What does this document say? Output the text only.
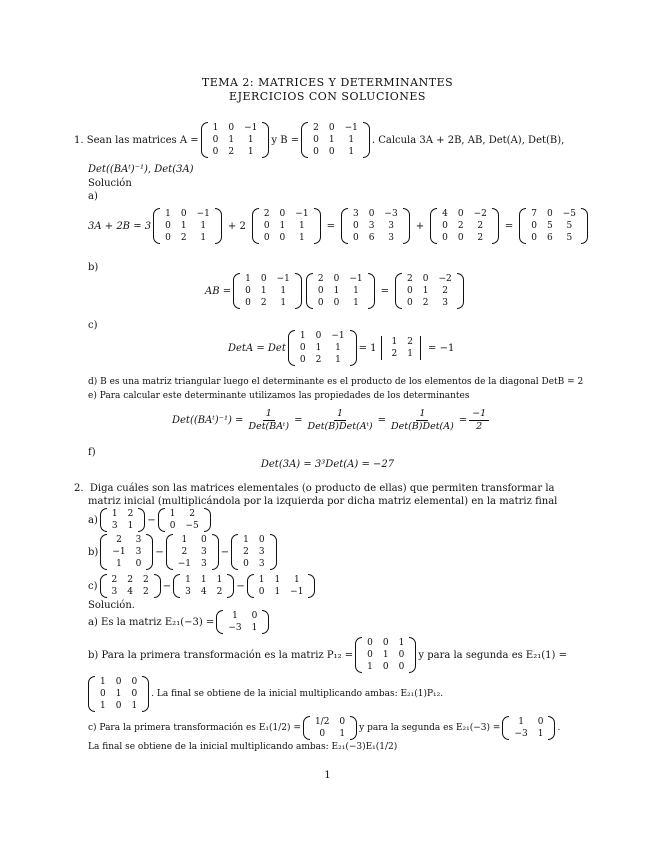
TEMA 2: MATRICES Y DETERMINANTES
EJERCICIOS CON SOLUCIONES
1.
Sean las matrices A =
1	0	−1
0	1	1
0	2	1
y B =
2	0	−1
0	1	1
0	0	1
. Calcula 3A + 2B, AB, Det(A), Det(B),
Det((BAᵗ)⁻¹), Det(3A)
Solución
a)
3A + 2B = 3
1	0	−1
0	1	1
0	2	1
+ 2
2	0	−1
0	1	1
0	0	1
=
3	0	−3
0	3	3
0	6	3
+
4	0	−2
0	2	2
0	0	2
=
7	0	−5
0	5	5
0	6	5
b)
AB =
1	0	−1
0	1	1
0	2	1
2	0	−1
0	1	1
0	0	1
=
2	0	−2
0	1	2
0	2	3
c)
DetA = Det
1	0	−1
0	1	1
0	2	1
= 1
1	2
2	1
= −1
d) B es una matriz triangular luego el determinante es el producto de los elementos de la diagonal DetB = 2
e) Para calcular este determinante utilizamos las propiedades de los determinantes
Det((BAᵗ)⁻¹) = $\frac{1}{\text{Det(BAᵗ)}} = \frac{1}{\text{Det(B)Det(Aᵗ)}} = \frac{1}{\text{Det(B)Det(A)}} = \frac{-1}{2}$
f)
Det(3A) = 3³Det(A) = −27
2. Diga cuáles son las matrices elementales (o producto de ellas) que permiten transformar la
matriz inicial (multiplicándola por la izquierda por dicha matriz elemental) en la matriz final
a)
1	2
3	1
−
1	2
0	−5
b)
2	3
−1	3
1	0
−
1	0
2	3
−1	3
−
1	0
2	3
0	3
c)
2	2	2
3	4	2
−
1	1	1
3	4	2
−
1	1	1
0	1	−1
Solución.
a) Es la matriz E₂₁(−3) =
1	0
−3	1
b) Para la primera transformación es la matriz P₁₂ =
0	0	1
0	1	0
1	0	0
y para la segunda es E₂₁(1) =
1	0	0
0	1	0
1	0	1
. La final se obtiene de la inicial multiplicando ambas: E₂₁(1)P₁₂.
c) Para la primera transformación es E₁(1/2) =
1/2	0
0	1
y para la segunda es E₂₁(−3) =
1	0
−3	1
.
La final se obtiene de la inicial multiplicando ambas: E₂₁(−3)E₁(1/2)
1
